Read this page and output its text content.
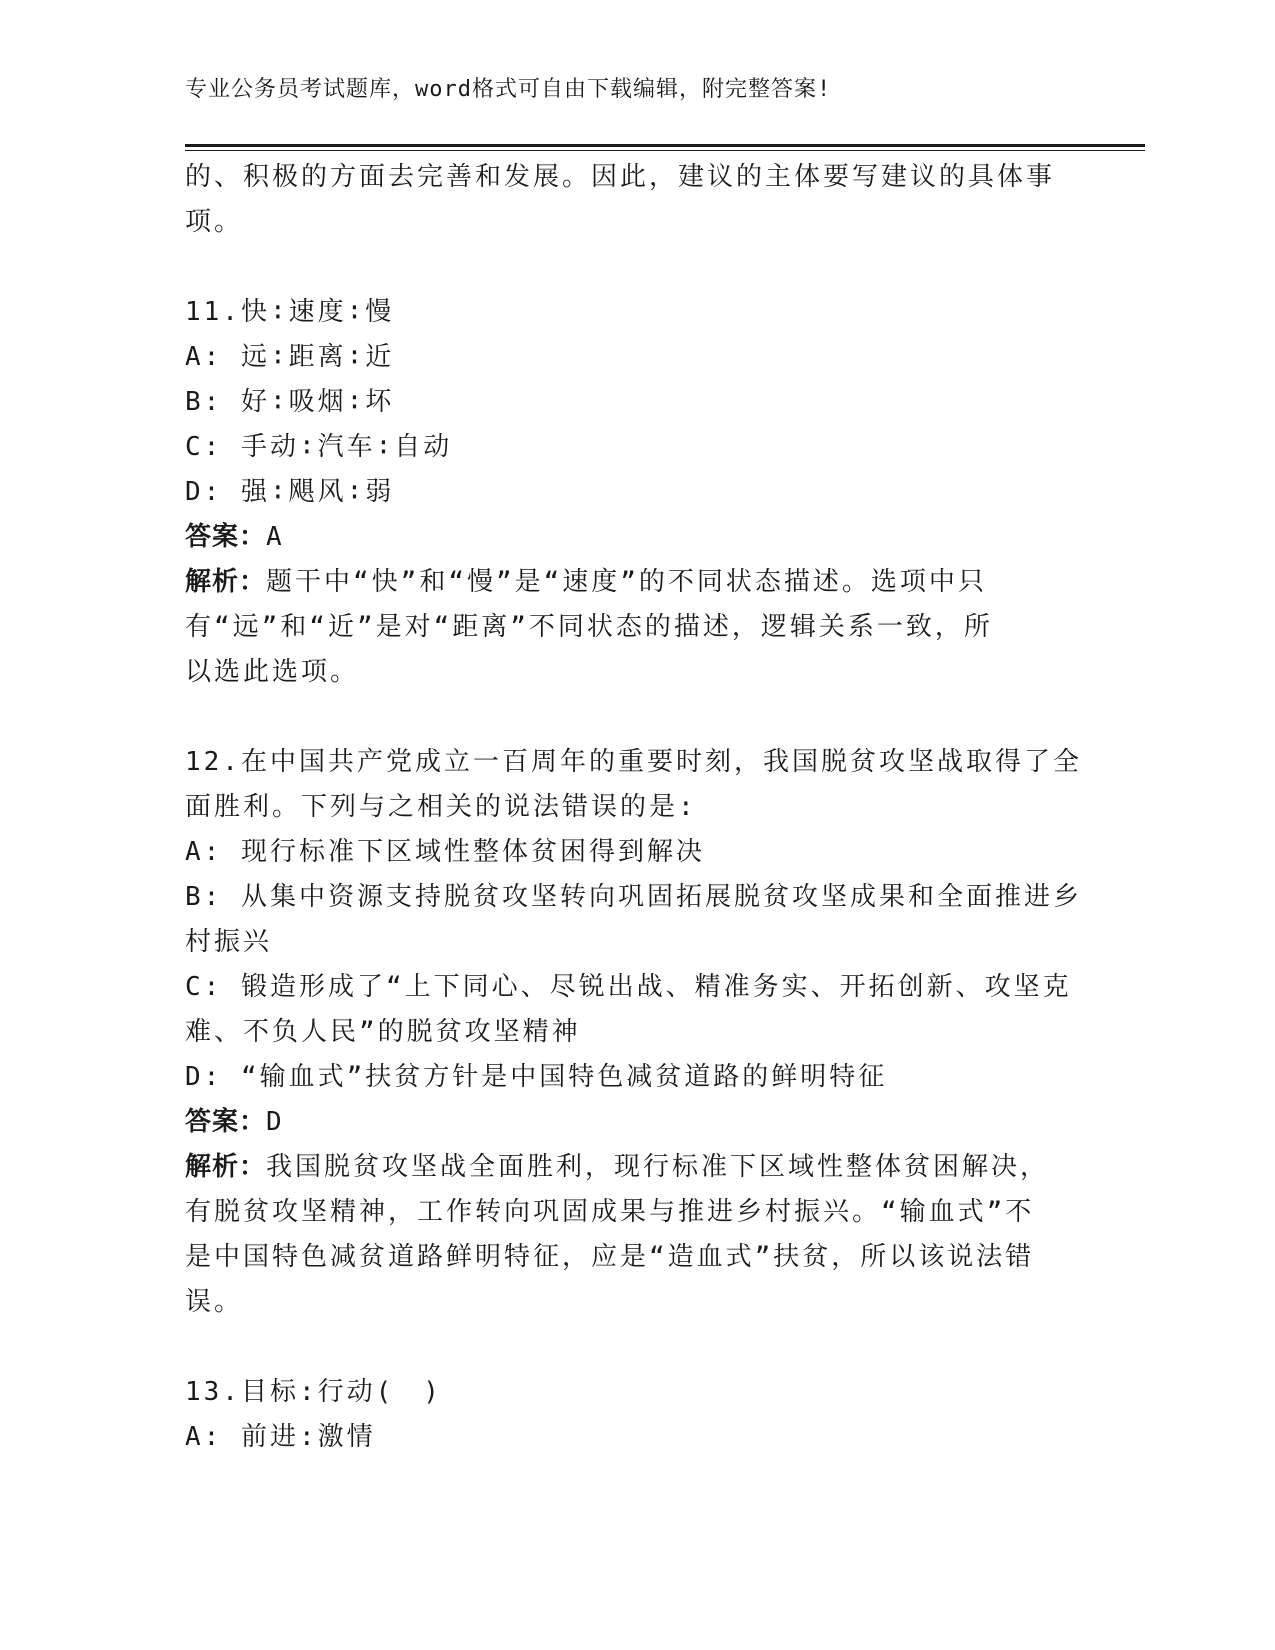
专业公务员考试题库，word格式可自由下载编辑，附完整答案!
的、积极的方面去完善和发展。因此，建议的主体要写建议的具体事
项。
11.快∶速度∶慢
A: 远∶距离∶近
B: 好∶吸烟∶坏
C: 手动∶汽车∶自动
D: 强∶飓风∶弱
答案：A
解析：题干中“快”和“慢”是“速度”的不同状态描述。选项中只
有“远”和“近”是对“距离”不同状态的描述，逻辑关系一致，所
以选此选项。
12.在中国共产党成立一百周年的重要时刻，我国脱贫攻坚战取得了全
面胜利。下列与之相关的说法错误的是:
A: 现行标准下区域性整体贫困得到解决
B: 从集中资源支持脱贫攻坚转向巩固拓展脱贫攻坚成果和全面推进乡
村振兴
C: 锻造形成了“上下同心、尽锐出战、精准务实、开拓创新、攻坚克
难、不负人民”的脱贫攻坚精神
D: “输血式”扶贫方针是中国特色减贫道路的鲜明特征
答案：D
解析：我国脱贫攻坚战全面胜利，现行标准下区域性整体贫困解决，
有脱贫攻坚精神，工作转向巩固成果与推进乡村振兴。“输血式”不
是中国特色减贫道路鲜明特征，应是“造血式”扶贫，所以该说法错
误。
13.目标:行动(　)
A: 前进:激情
